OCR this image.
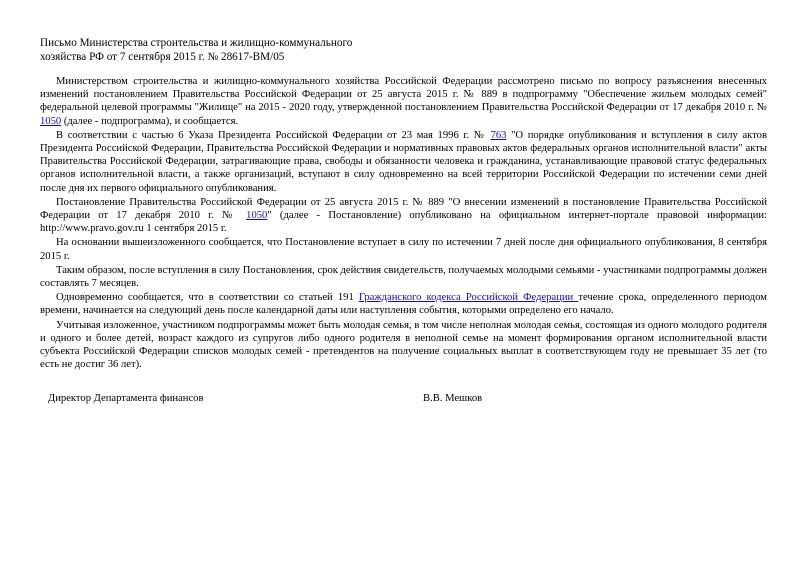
Письмо Министерства строительства и жилищно-коммунального
хозяйства РФ от 7 сентября 2015 г. № 28617-ВМ/05

Министерством строительства и жилищно-коммунального хозяйства Российской Федерации рассмотрено письмо по вопросу разъяснения внесенных изменений постановлением Правительства Российской Федерации от 25 августа 2015 г. № 889 в подпрограмму "Обеспечение жильем молодых семей" федеральной целевой программы "Жилище" на 2015 - 2020 году, утвержденной постановлением Правительства Российской Федерации от 17 декабря 2010 г. № 1050 (далее - подпрограмма), и сообщается.

В соответствии с частью 6 Указа Президента Российской Федерации от 23 мая 1996 г. № 763 "О порядке опубликования и вступления в силу актов Президента Российской Федерации, Правительства Российской Федерации и нормативных правовых актов федеральных органов исполнительной власти" акты Правительства Российской Федерации, затрагивающие права, свободы и обязанности человека и гражданина, устанавливающие правовой статус федеральных органов исполнительной власти, а также организаций, вступают в силу одновременно на всей территории Российской Федерации по истечении семи дней после дня их первого официального опубликования.

Постановление Правительства Российской Федерации от 25 августа 2015 г. № 889 "О внесении изменений в постановление Правительства Российской Федерации от 17 декабря 2010 г. № 1050" (далее - Постановление) опубликовано на официальном интернет-портале правовой информации: http://www.pravo.gov.ru 1 сентября 2015 г.

На основании вышеизложенного сообщается, что Постановление вступает в силу по истечении 7 дней после дня официального опубликования, 8 сентября 2015 г.

Таким образом, после вступления в силу Постановления, срок действия свидетельств, получаемых молодыми семьями - участниками подпрограммы должен составлять 7 месяцев.

Одновременно сообщается, что в соответствии со статьей 191 Гражданского кодекса Российской Федерации течение срока, определенного периодом времени, начинается на следующий день после календарной даты или наступления события, которыми определено его начало.

Учитывая изложенное, участником подпрограммы может быть молодая семья, в том числе неполная молодая семья, состоящая из одного молодого родителя и одного и более детей, возраст каждого из супругов либо одного родителя в неполной семье на момент формирования органом исполнительной власти субъекта Российской Федерации списков молодых семей - претендентов на получение социальных выплат в соответствующем году не превышает 35 лет (то есть не достиг 36 лет).

Директор Департамента финансов	В.В. Мешков
